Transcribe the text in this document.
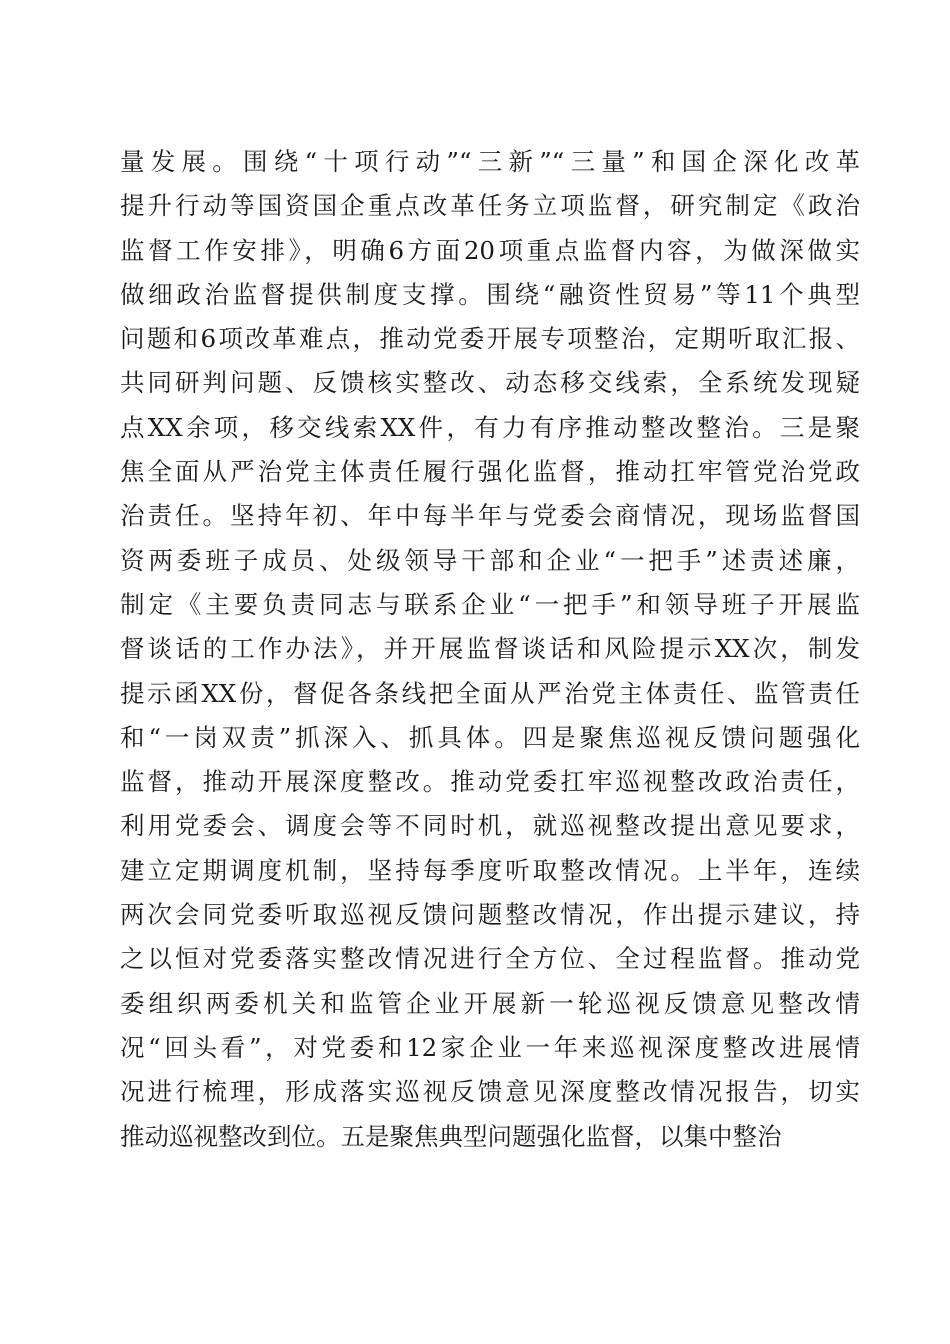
量发展。围绕“十项行动”“三新”“三量”和国企深化改革
提升行动等国资国企重点改革任务立项监督，研究制定《政治
监督工作安排》，明确6方面20项重点监督内容，为做深做实
做细政治监督提供制度支撑。围绕“融资性贸易”等11个典型
问题和6项改革难点，推动党委开展专项整治，定期听取汇报、
共同研判问题、反馈核实整改、动态移交线索，全系统发现疑
点XX余项，移交线索XX件，有力有序推动整改整治。三是聚
焦全面从严治党主体责任履行强化监督，推动扛牢管党治党政
治责任。坚持年初、年中每半年与党委会商情况，现场监督国
资两委班子成员、处级领导干部和企业“一把手”述责述廉，
制定《主要负责同志与联系企业“一把手”和领导班子开展监
督谈话的工作办法》，并开展监督谈话和风险提示XX次，制发
提示函XX份，督促各条线把全面从严治党主体责任、监管责任
和“一岗双责”抓深入、抓具体。四是聚焦巡视反馈问题强化
监督，推动开展深度整改。推动党委扛牢巡视整改政治责任，
利用党委会、调度会等不同时机，就巡视整改提出意见要求，
建立定期调度机制，坚持每季度听取整改情况。上半年，连续
两次会同党委听取巡视反馈问题整改情况，作出提示建议，持
之以恒对党委落实整改情况进行全方位、全过程监督。推动党
委组织两委机关和监管企业开展新一轮巡视反馈意见整改情
况“回头看”，对党委和12家企业一年来巡视深度整改进展情
况进行梳理，形成落实巡视反馈意见深度整改情况报告，切实
推动巡视整改到位。五是聚焦典型问题强化监督，以集中整治
